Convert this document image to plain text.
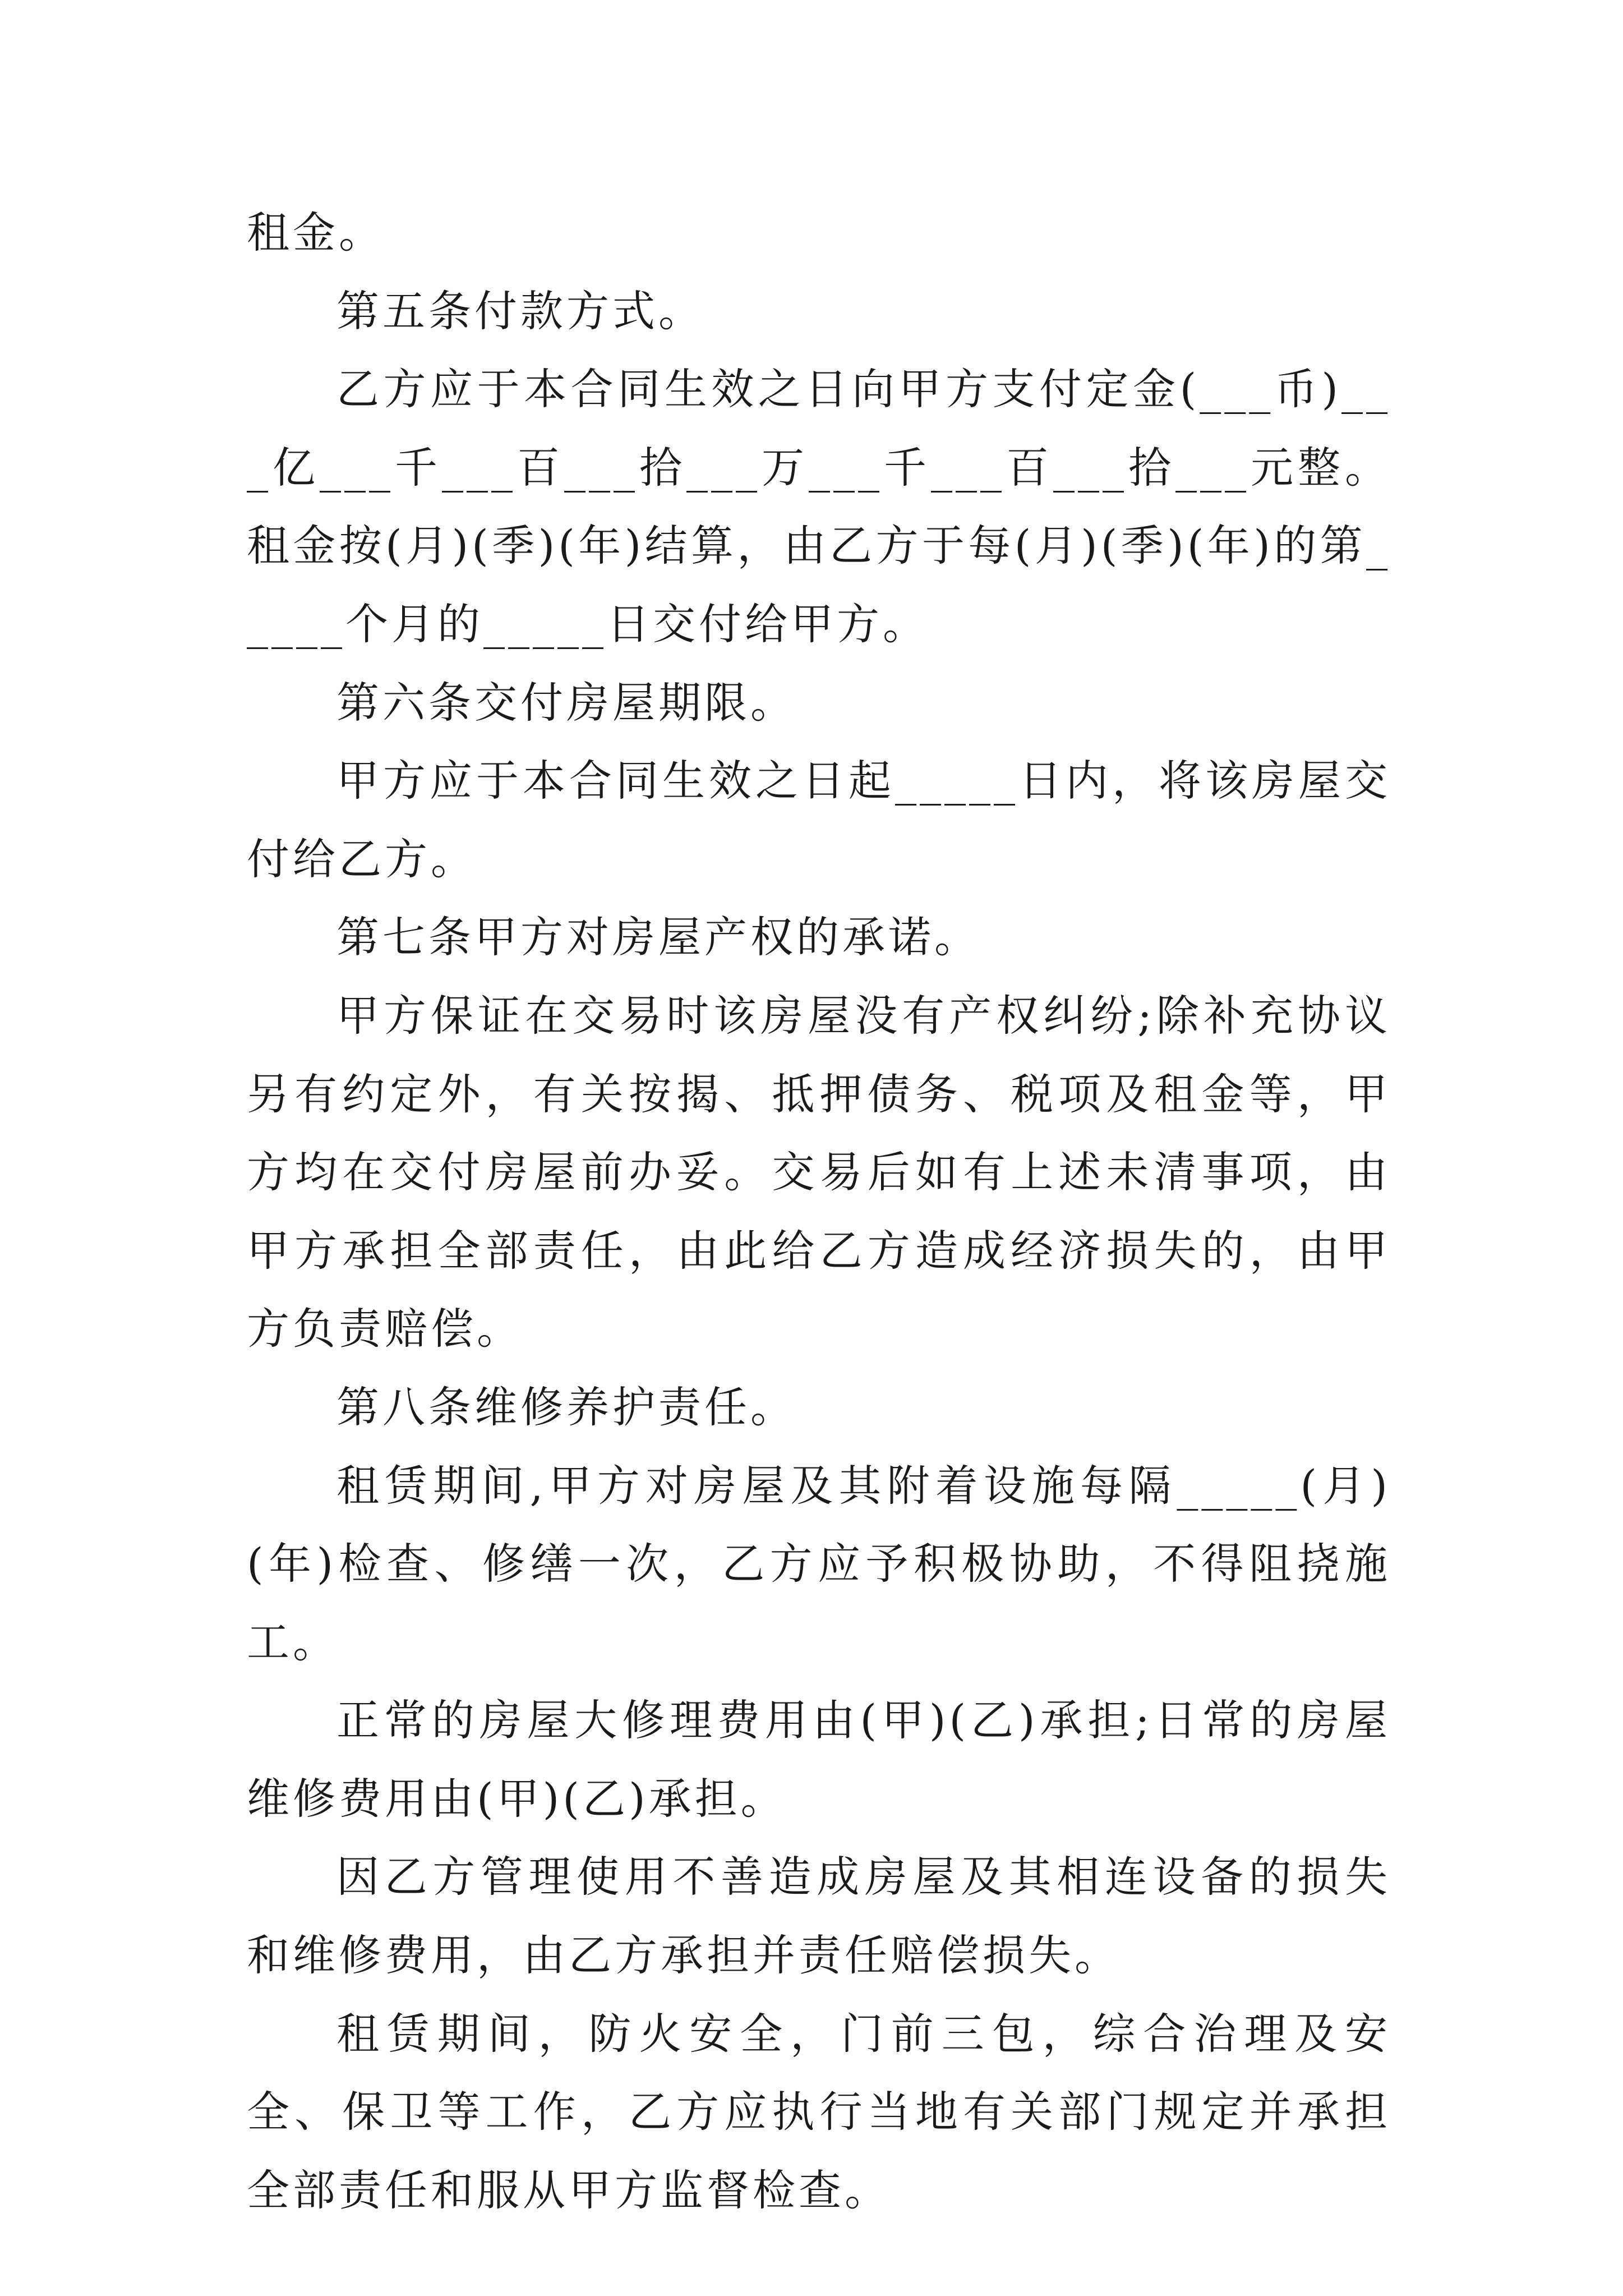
租金。

第五条付款方式。

乙方应于本合同生效之日向甲方支付定金(___币)___亿___千___百___拾___万___千___百___拾___元整。租金按(月)(季)(年)结算，由乙方于每(月)(季)(年)的第_____个月的_____日交付给甲方。

第六条交付房屋期限。

甲方应于本合同生效之日起_____日内，将该房屋交付给乙方。

第七条甲方对房屋产权的承诺。

甲方保证在交易时该房屋没有产权纠纷;除补充协议另有约定外，有关按揭、抵押债务、税项及租金等，甲方均在交付房屋前办妥。交易后如有上述未清事项，由甲方承担全部责任，由此给乙方造成经济损失的，由甲方负责赔偿。

第八条维修养护责任。

租赁期间,甲方对房屋及其附着设施每隔_____(月)(年)检查、修缮一次，乙方应予积极协助，不得阻挠施工。

正常的房屋大修理费用由(甲)(乙)承担;日常的房屋维修费用由(甲)(乙)承担。

因乙方管理使用不善造成房屋及其相连设备的损失和维修费用，由乙方承担并责任赔偿损失。

租赁期间，防火安全，门前三包，综合治理及安全、保卫等工作，乙方应执行当地有关部门规定并承担全部责任和服从甲方监督检查。
